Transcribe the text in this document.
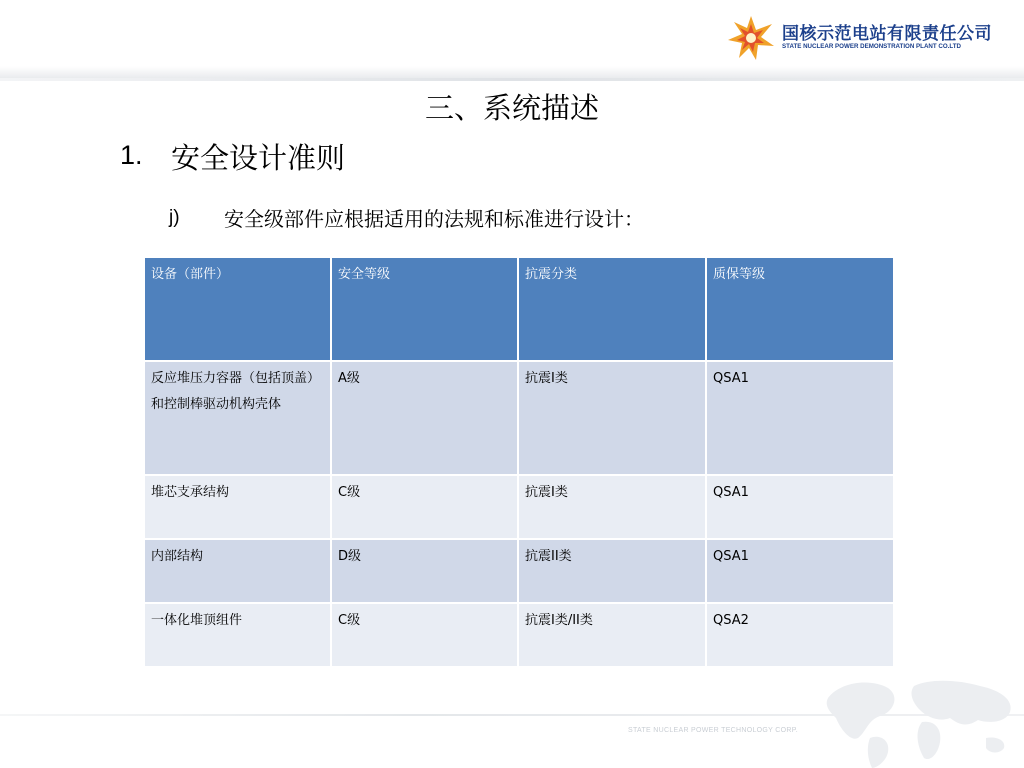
国核示范电站有限责任公司
STATE NUCLEAR POWER DEMONSTRATION PLANT CO.LTD
三、系统描述
1. 安全设计准则
j) 安全级部件应根据适用的法规和标准进行设计：
设备（部件）	安全等级	抗震分类	质保等级
反应堆压力容器（包括顶盖）和控制棒驱动机构壳体	A级	抗震I类	QSA1
堆芯支承结构	C级	抗震I类	QSA1
内部结构	D级	抗震II类	QSA1
一体化堆顶组件	C级	抗震I类/II类	QSA2
STATE NUCLEAR POWER TECHNOLOGY CORP.
